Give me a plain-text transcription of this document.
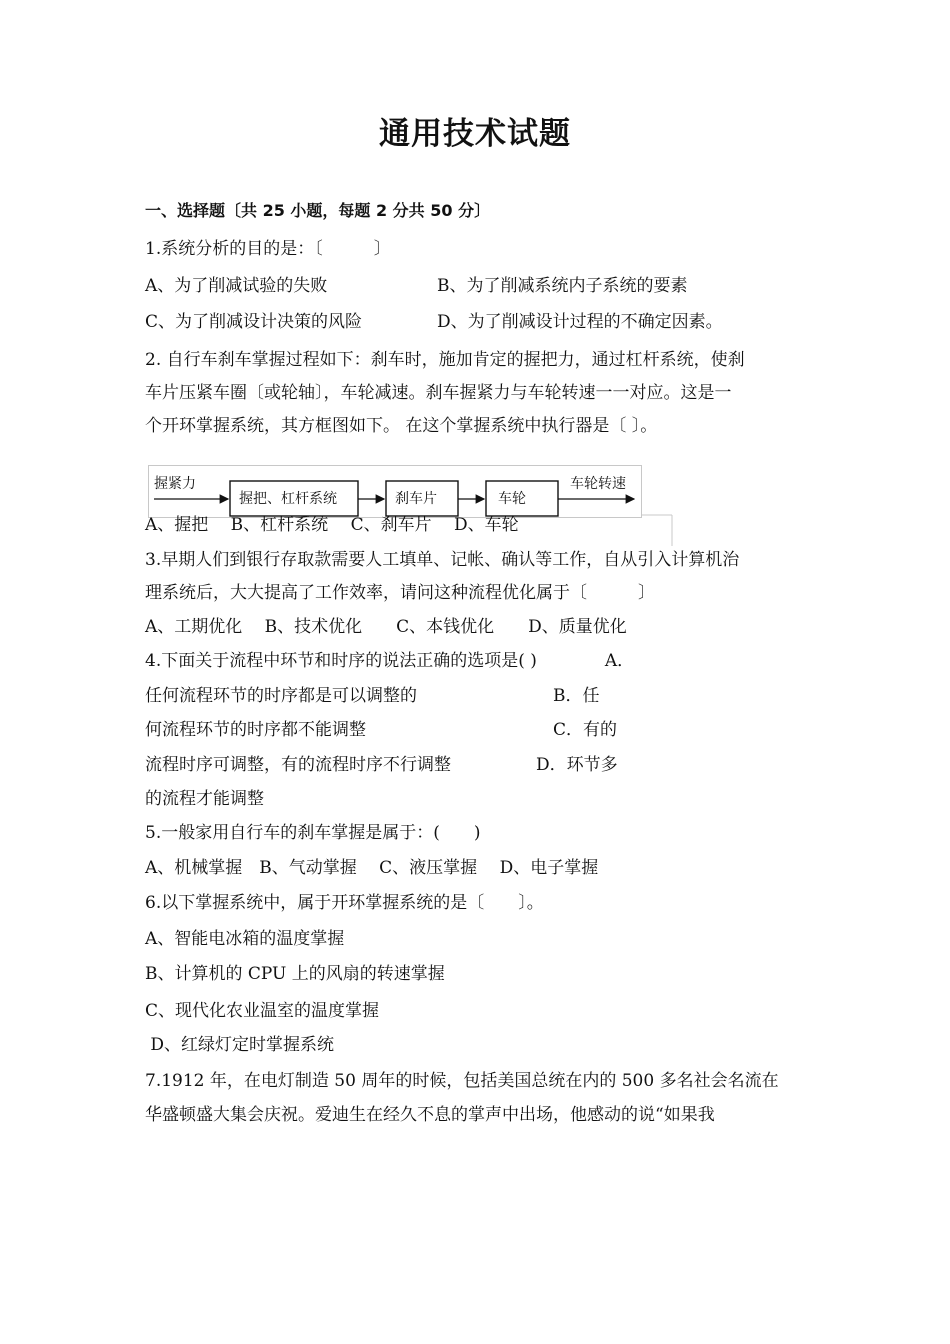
通用技术试题
一、选择题〔共 25 小题，每题 2 分共 50 分〕
1.系统分析的目的是：〔　　　〕
A、为了削减试验的失败	B、为了削减系统内子系统的要素
C、为了削减设计决策的风险	D、为了削减设计过程的不确定因素。
2. 自行车刹车掌握过程如下：刹车时，施加肯定的握把力，通过杠杆系统，使刹
车片压紧车圈〔或轮轴〕，车轮减速。刹车握紧力与车轮转速一一对应。这是一
个开环掌握系统，其方框图如下。 在这个掌握系统中执行器是〔 〕。
握紧力
握把、杠杆系统	刹车片	车轮
车轮转速
A、握把　 B、杠杆系统　 C、刹车片　 D、车轮
3.早期人们到银行存取款需要人工填单、记帐、确认等工作，自从引入计算机治
理系统后，大大提高了工作效率，请问这种流程优化属于〔　　　〕
A、工期优化　 B、技术优化　　C、本钱优化　　D、质量优化
4.下面关于流程中环节和时序的说法正确的选项是( )　　　　A．
任何流程环节的时序都是可以调整的　　　　　　　　B．任
何流程环节的时序都不能调整　　　　　　　　　　　C．有的
流程时序可调整，有的流程时序不行调整　　　　　D．环节多
的流程才能调整
5.一般家用自行车的刹车掌握是属于：(　　)
A、机械掌握　B、气动掌握　 C、液压掌握　 D、电子掌握
6.以下掌握系统中，属于开环掌握系统的是〔　　〕。
A、智能电冰箱的温度掌握
B、计算机的 CPU 上的风扇的转速掌握
C、现代化农业温室的温度掌握
D、红绿灯定时掌握系统
7.1912 年，在电灯制造 50 周年的时候，包括美国总统在内的 500 多名社会名流在
华盛顿盛大集会庆祝。爱迪生在经久不息的掌声中出场，他感动的说“如果我
